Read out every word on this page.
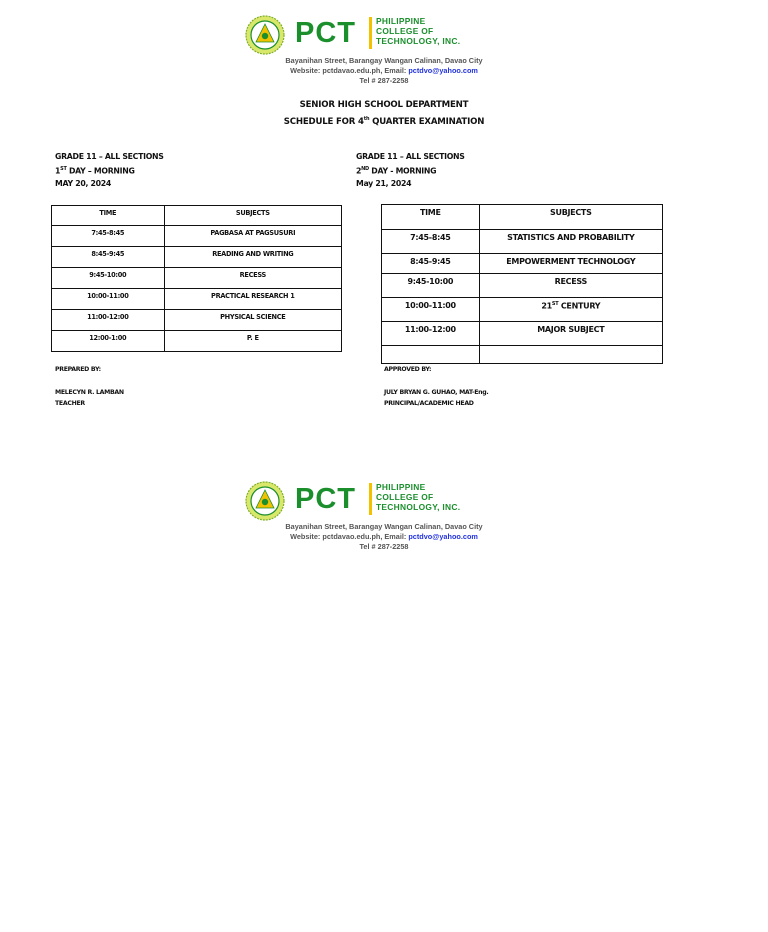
PCT PHILIPPINE
COLLEGE OF
TECHNOLOGY, INC.
Bayanihan Street, Barangay Wangan Calinan, Davao City
Website: pctdavao.edu.ph, Email: pctdvo@yahoo.com
Tel # 287-2258
SENIOR HIGH SCHOOL DEPARTMENT
SCHEDULE FOR 4th QUARTER EXAMINATION
GRADE 11 – ALL SECTIONS
1ST DAY – MORNING
MAY 20, 2024
GRADE 11 – ALL SECTIONS
2ND DAY - MORNING
May 21, 2024
TIME	SUBJECTS
7:45-8:45	PAGBASA AT PAGSUSURI
8:45-9:45	READING AND WRITING
9:45-10:00	RECESS
10:00-11:00	PRACTICAL RESEARCH 1
11:00-12:00	PHYSICAL SCIENCE
12:00-1:00	P. E
TIME	SUBJECTS
7:45-8:45	STATISTICS AND PROBABILITY
8:45-9:45	EMPOWERMENT TECHNOLOGY
9:45-10:00	RECESS
10:00-11:00	21ST CENTURY
11:00-12:00	MAJOR SUBJECT

PREPARED BY:
MELECYN R. LAMBAN
TEACHER
APPROVED BY:
JULY BRYAN G. GUHAO, MAT-Eng.
PRINCIPAL/ACADEMIC HEAD
PCT PHILIPPINE
COLLEGE OF
TECHNOLOGY, INC.
Bayanihan Street, Barangay Wangan Calinan, Davao City
Website: pctdavao.edu.ph, Email: pctdvo@yahoo.com
Tel # 287-2258
